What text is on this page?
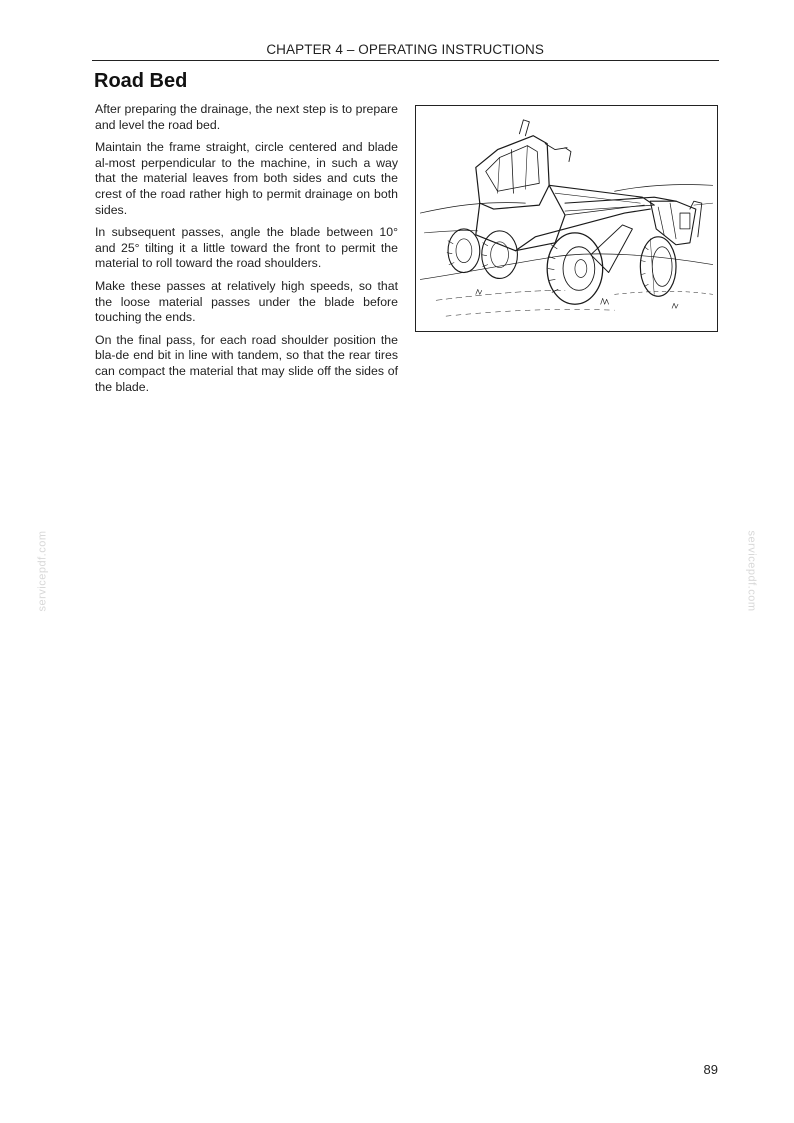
CHAPTER 4 – OPERATING INSTRUCTIONS
Road Bed

After preparing the drainage, the next step is to prepare and level the road bed.

Maintain the frame straight, circle centered and blade al-most perpendicular to the machine, in such a way that the material leaves from both sides and cuts the crest of the road rather high to permit drainage on both sides.

In subsequent passes, angle the blade between 10° and 25° tilting it a little toward the front to permit the material to roll toward the road shoulders.

Make these passes at relatively high speeds, so that the loose material passes under the blade before touching the ends.

On the final pass, for each road shoulder position the bla-de end bit in line with tandem, so that the rear tires can compact the material that may slide off the sides of the blade.

servicepdf.com	servicepdf.com
89
